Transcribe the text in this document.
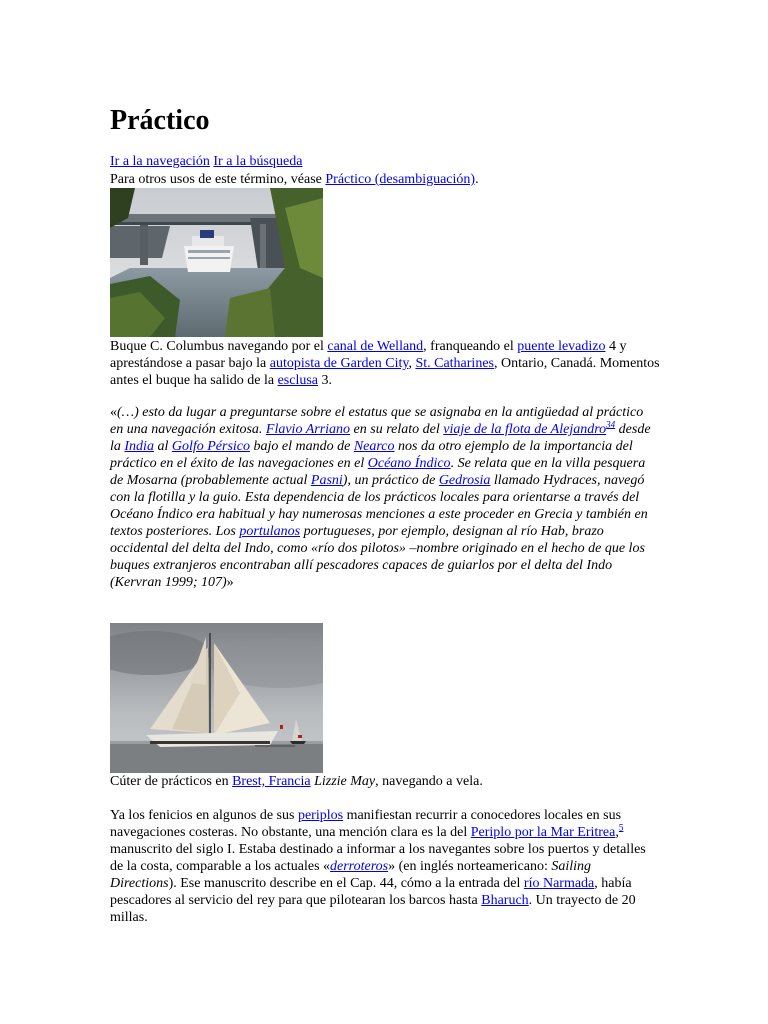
Práctico
Ir a la navegación Ir a la búsqueda
Para otros usos de este término, véase Práctico (desambiguación).
Buque C. Columbus navegando por el canal de Welland, franqueando el puente levadizo 4 y aprestándose a pasar bajo la autopista de Garden City, St. Catharines, Ontario, Canadá. Momentos antes el buque ha salido de la esclusa 3.
«(…) esto da lugar a preguntarse sobre el estatus que se asignaba en la antigüedad al práctico en una navegación exitosa. Flavio Arriano en su relato del viaje de la flota de Alejandro$^{34}$ desde la India al Golfo Pérsico bajo el mando de Nearco nos da otro ejemplo de la importancia del práctico en el éxito de las navegaciones en el Océano Índico. Se relata que en la villa pesquera de Mosarna (probablemente actual Pasni), un práctico de Gedrosia llamado Hydraces, navegó con la flotilla y la guio. Esta dependencia de los prácticos locales para orientarse a través del Océano Índico era habitual y hay numerosas menciones a este proceder en Grecia y también en textos posteriores. Los portulanos portugueses, por ejemplo, designan al río Hab, brazo occidental del delta del Indo, como «río dos pilotos» –nombre originado en el hecho de que los buques extranjeros encontraban allí pescadores capaces de guiarlos por el delta del Indo (Kervran 1999; 107)»
Cúter de prácticos en Brest, Francia Lizzie May, navegando a vela.
Ya los fenicios en algunos de sus periplos manifiestan recurrir a conocedores locales en sus navegaciones costeras. No obstante, una mención clara es la del Periplo por la Mar Eritrea,$^5$ manuscrito del siglo I. Estaba destinado a informar a los navegantes sobre los puertos y detalles de la costa, comparable a los actuales «derroteros» (en inglés norteamericano: Sailing Directions). Ese manuscrito describe en el Cap. 44, cómo a la entrada del río Narmada, había pescadores al servicio del rey para que pilotearan los barcos hasta Bharuch. Un trayecto de 20 millas.
